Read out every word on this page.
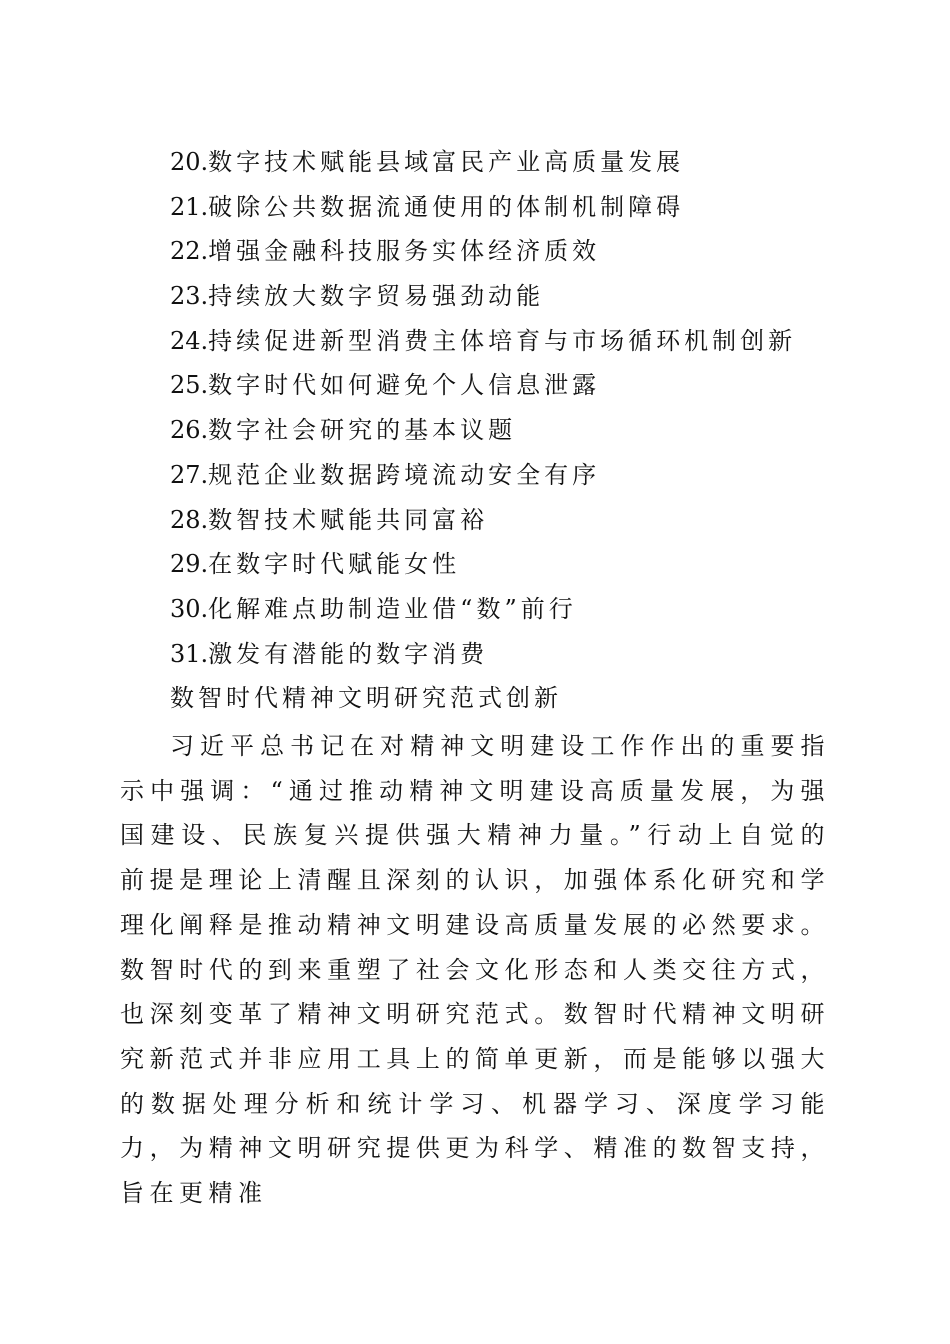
20.数字技术赋能县域富民产业高质量发展
21.破除公共数据流通使用的体制机制障碍
22.增强金融科技服务实体经济质效
23.持续放大数字贸易强劲动能
24.持续促进新型消费主体培育与市场循环机制创新
25.数字时代如何避免个人信息泄露
26.数字社会研究的基本议题
27.规范企业数据跨境流动安全有序
28.数智技术赋能共同富裕
29.在数字时代赋能女性
30.化解难点助制造业借“数”前行
31.激发有潜能的数字消费
数智时代精神文明研究范式创新

习近平总书记在对精神文明建设工作作出的重要指示中强调：“通过推动精神文明建设高质量发展，为强国建设、民族复兴提供强大精神力量。”行动上自觉的前提是理论上清醒且深刻的认识，加强体系化研究和学理化阐释是推动精神文明建设高质量发展的必然要求。数智时代的到来重塑了社会文化形态和人类交往方式，也深刻变革了精神文明研究范式。数智时代精神文明研究新范式并非应用工具上的简单更新，而是能够以强大的数据处理分析和统计学习、机器学习、深度学习能力，为精神文明研究提供更为科学、精准的数智支持，旨在更精准
